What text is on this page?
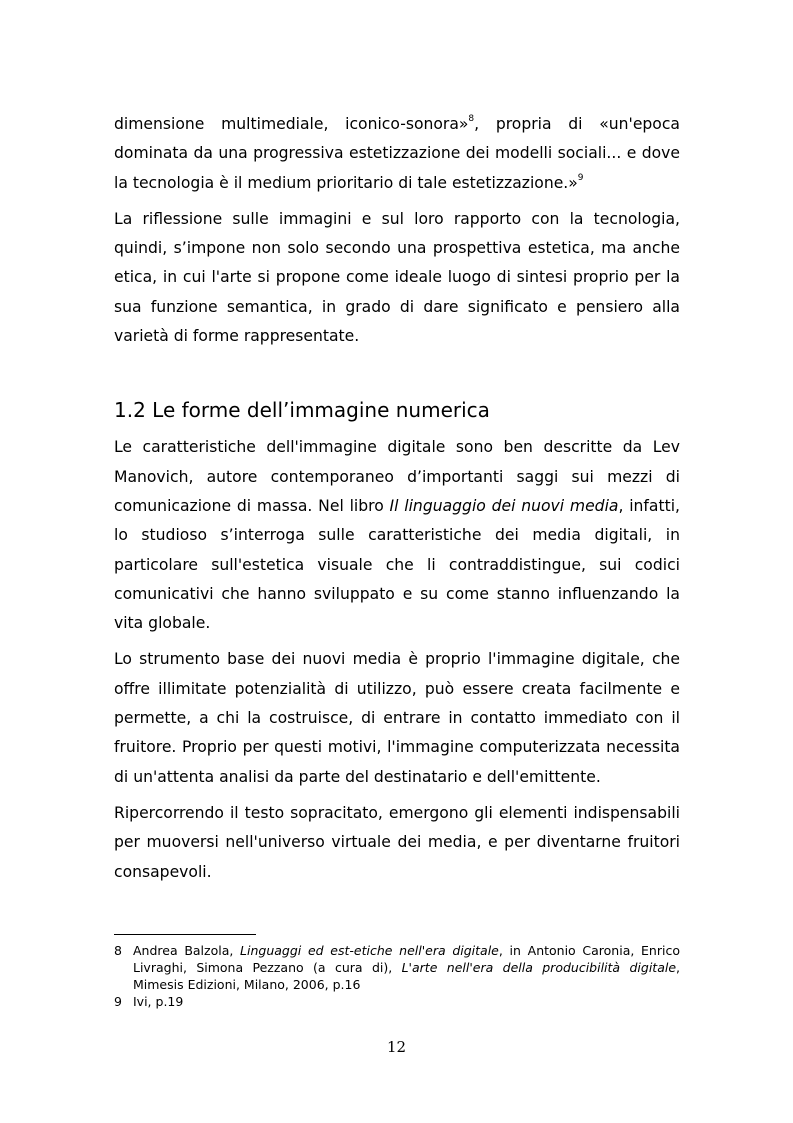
dimensione multimediale, iconico-sonora»$^8$, propria di «un'epoca dominata da una progressiva estetizzazione dei modelli sociali... e dove la tecnologia è il medium prioritario di tale estetizzazione.»$^9$

La riflessione sulle immagini e sul loro rapporto con la tecnologia, quindi, s’impone non solo secondo una prospettiva estetica, ma anche etica, in cui l'arte si propone come ideale luogo di sintesi proprio per la sua funzione semantica, in grado di dare significato e pensiero alla varietà di forme rappresentate.

1.2 Le forme dell’immagine numerica

Le caratteristiche dell'immagine digitale sono ben descritte da Lev Manovich, autore contemporaneo d’importanti saggi sui mezzi di comunicazione di massa. Nel libro Il linguaggio dei nuovi media, infatti, lo studioso s’interroga sulle caratteristiche dei media digitali, in particolare sull'estetica visuale che li contraddistingue, sui codici comunicativi che hanno sviluppato e su come stanno influenzando la vita globale.

Lo strumento base dei nuovi media è proprio l'immagine digitale, che offre illimitate potenzialità di utilizzo, può essere creata facilmente e permette, a chi la costruisce, di entrare in contatto immediato con il fruitore. Proprio per questi motivi, l'immagine computerizzata necessita di un'attenta analisi da parte del destinatario e dell'emittente.

Ripercorrendo il testo sopracitato, emergono gli elementi indispensabili per muoversi nell'universo virtuale dei media, e per diventarne fruitori consapevoli.

8 Andrea Balzola, Linguaggi ed est-etiche nell'era digitale, in Antonio Caronia, Enrico Livraghi, Simona Pezzano (a cura di), L'arte nell'era della producibilità digitale, Mimesis Edizioni, Milano, 2006, p.16

9 Ivi, p.19

12
